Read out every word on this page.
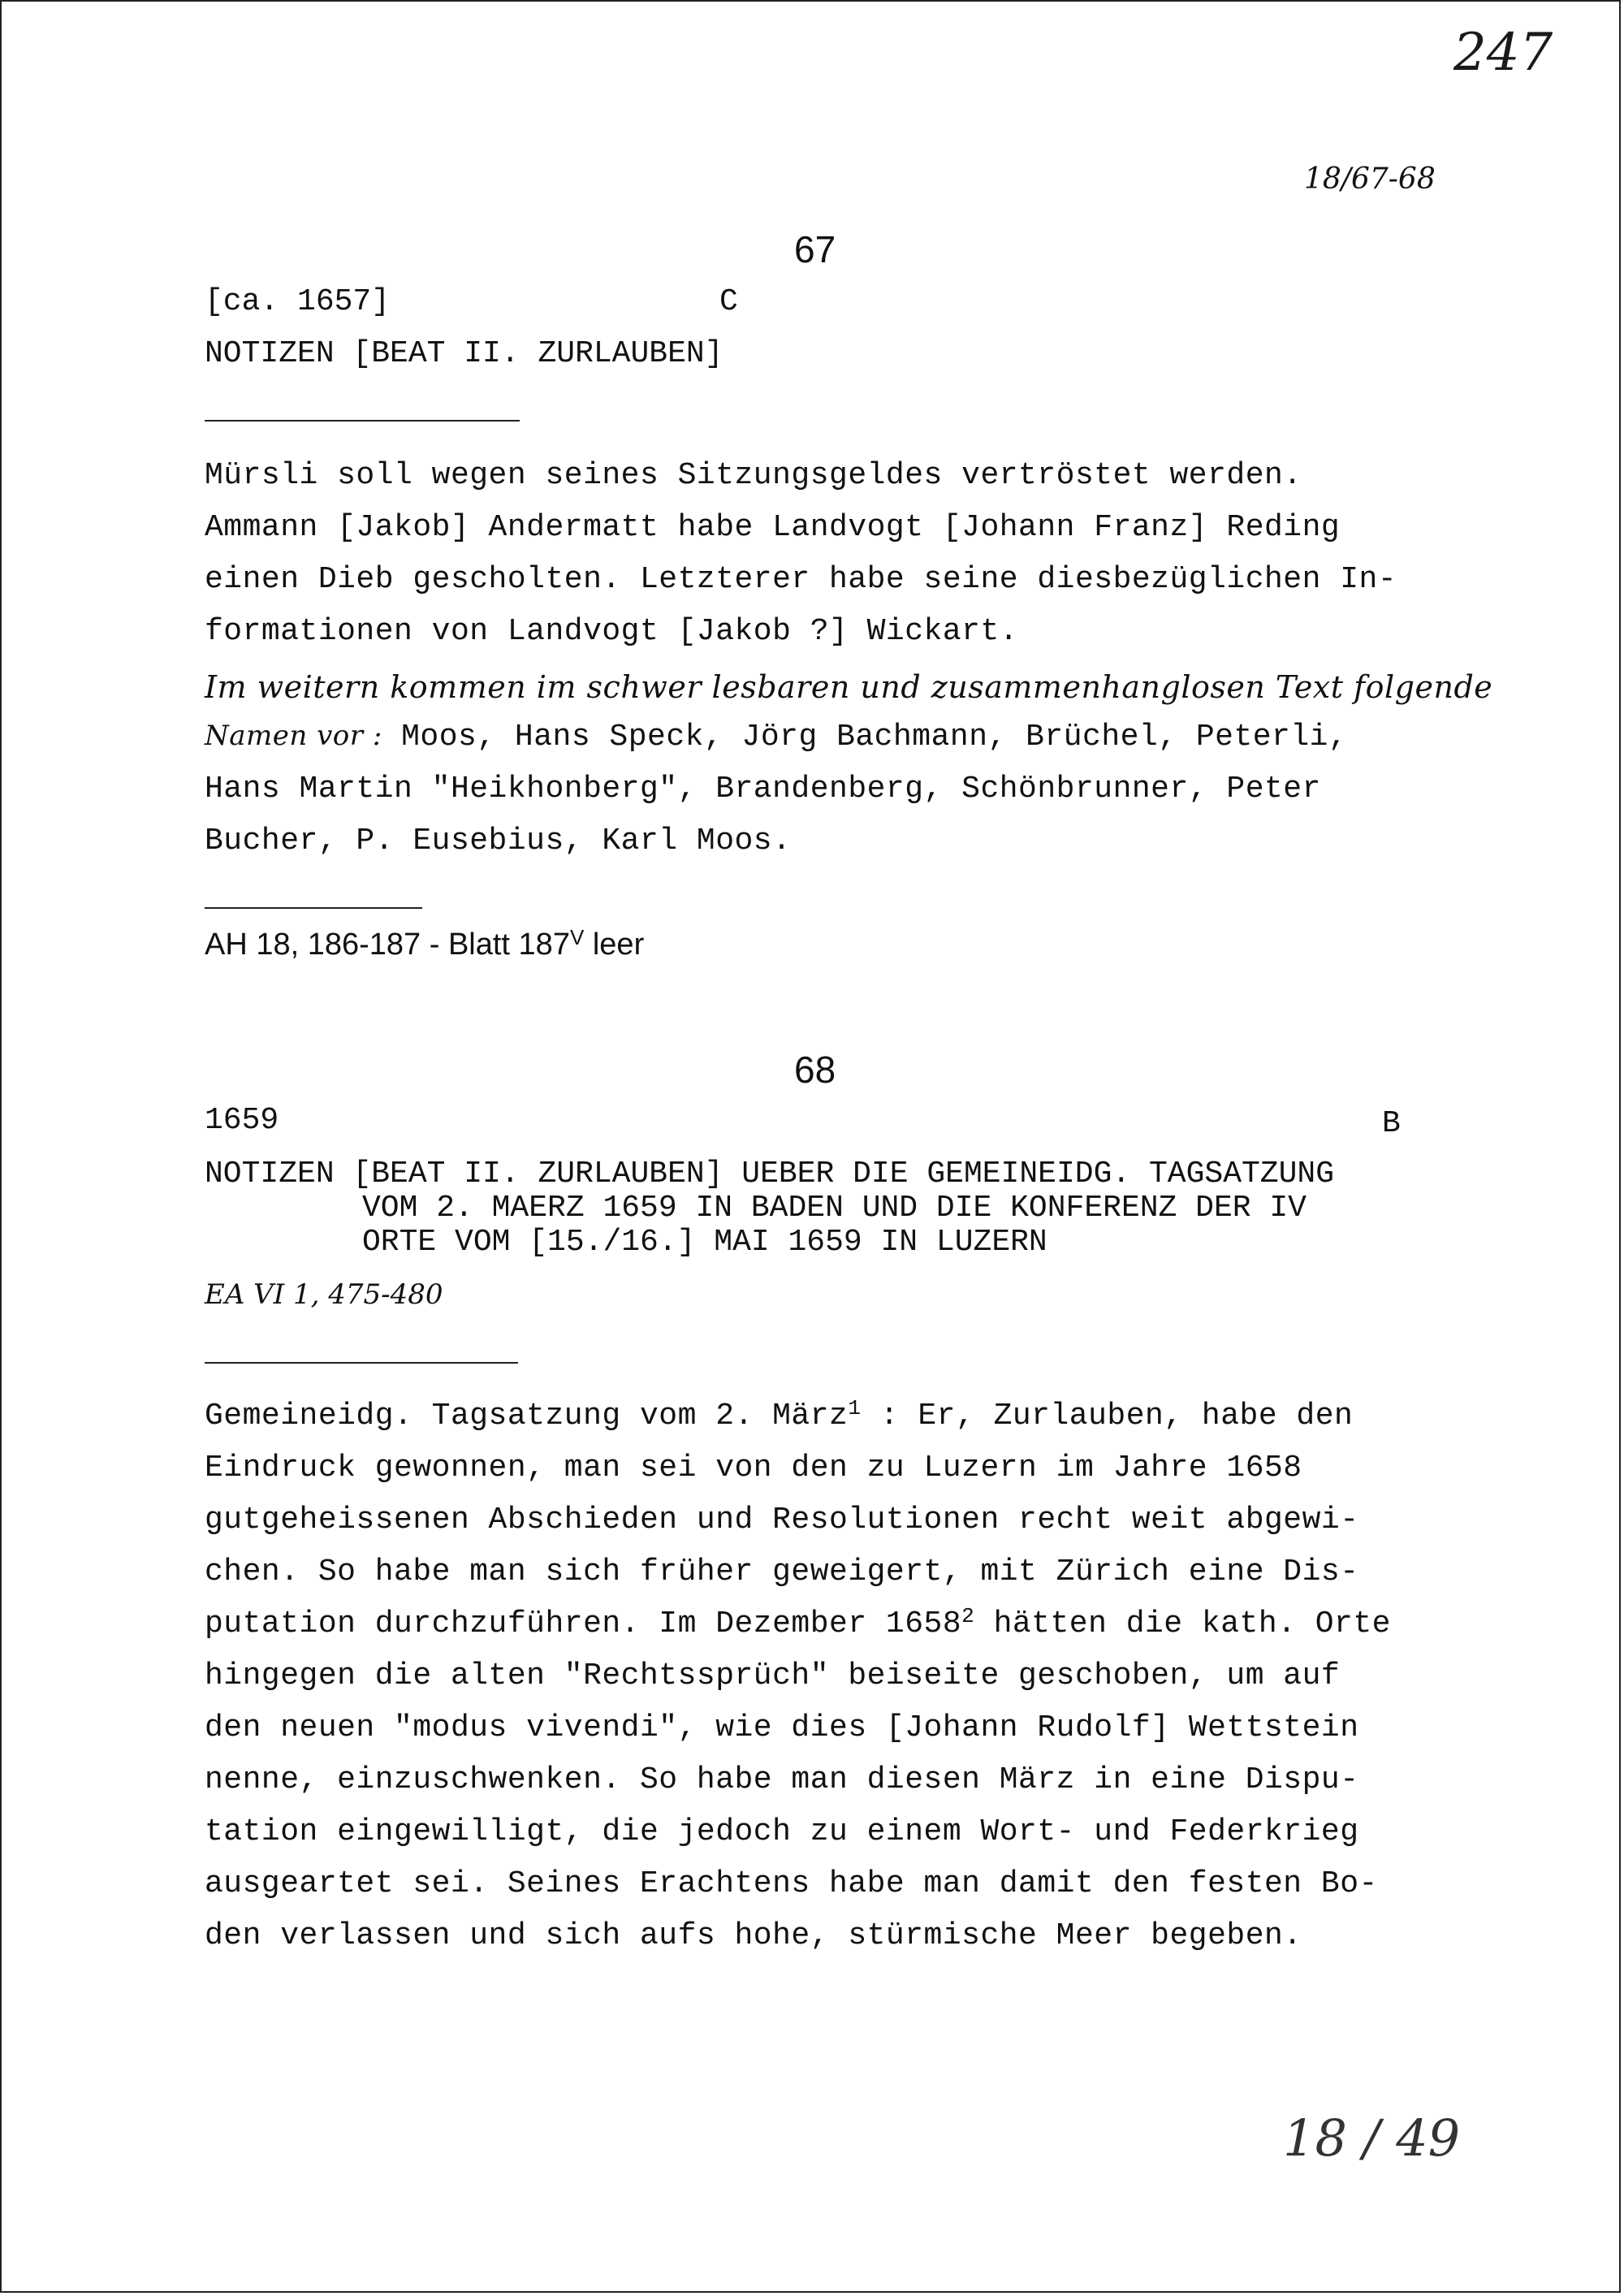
247
18/67-68
67
[ca. 1657]	C
NOTIZEN [BEAT II. ZURLAUBEN]
Mürsli soll wegen seines Sitzungsgeldes vertröstet werden.
Ammann [Jakob] Andermatt habe Landvogt [Johann Franz] Reding
einen Dieb gescholten. Letzterer habe seine diesbezüglichen In-
formationen von Landvogt [Jakob ?] Wickart.
Im weitern kommen im schwer lesbaren und zusammenhanglosen Text folgende
Namen vor : Moos, Hans Speck, Jörg Bachmann, Brüchel, Peterli,
Hans Martin "Heikhonberg", Brandenberg, Schönbrunner, Peter
Bucher, P. Eusebius, Karl Moos.
AH 18, 186-187 - Blatt $187^V$ leer
68
1659	B
NOTIZEN [BEAT II. ZURLAUBEN] UEBER DIE GEMEINEIDG. TAGSATZUNG
VOM 2. MAERZ 1659 IN BADEN UND DIE KONFERENZ DER IV
ORTE VOM [15./16.] MAI 1659 IN LUZERN
EA VI 1, 475-480
Gemeineidg. Tagsatzung vom 2. März$^1$ : Er, Zurlauben, habe den
Eindruck gewonnen, man sei von den zu Luzern im Jahre 1658
gutgeheissenen Abschieden und Resolutionen recht weit abgewi-
chen. So habe man sich früher geweigert, mit Zürich eine Dis-
putation durchzuführen. Im Dezember 1658$^2$ hätten die kath. Orte
hingegen die alten "Rechtssprüch" beiseite geschoben, um auf
den neuen "modus vivendi", wie dies [Johann Rudolf] Wettstein
nenne, einzuschwenken. So habe man diesen März in eine Dispu-
tation eingewilligt, die jedoch zu einem Wort- und Federkrieg
ausgeartet sei. Seines Erachtens habe man damit den festen Bo-
den verlassen und sich aufs hohe, stürmische Meer begeben.
18 / 49
